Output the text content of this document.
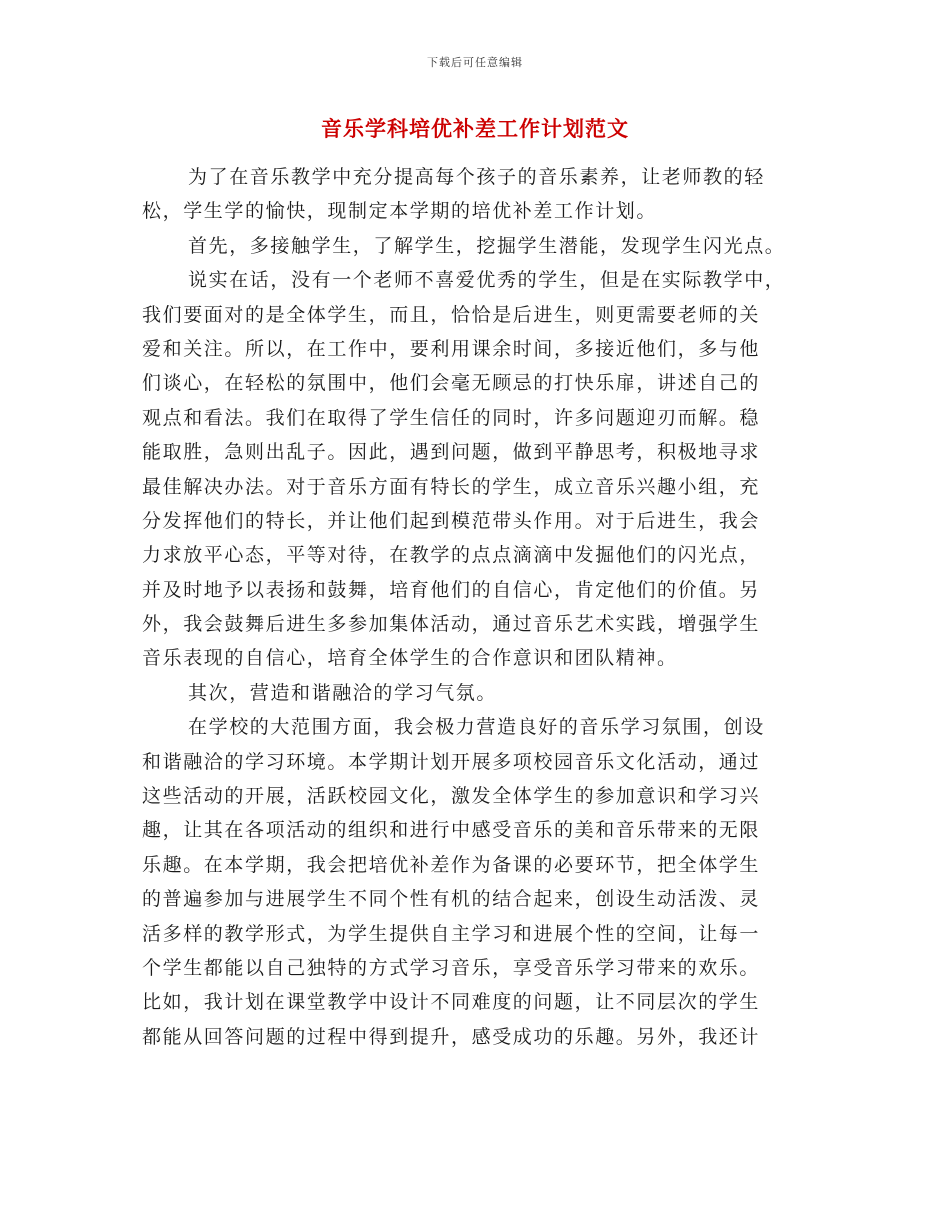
下载后可任意编辑
音乐学科培优补差工作计划范文
为了在音乐教学中充分提高每个孩子的音乐素养，让老师教的轻
松，学生学的愉快，现制定本学期的培优补差工作计划。
首先，多接触学生，了解学生，挖掘学生潜能，发现学生闪光点。
说实在话，没有一个老师不喜爱优秀的学生，但是在实际教学中，
我们要面对的是全体学生，而且，恰恰是后进生，则更需要老师的关
爱和关注。所以，在工作中，要利用课余时间，多接近他们，多与他
们谈心，在轻松的氛围中，他们会毫无顾忌的打快乐扉，讲述自己的
观点和看法。我们在取得了学生信任的同时，许多问题迎刃而解。稳
能取胜，急则出乱子。因此，遇到问题，做到平静思考，积极地寻求
最佳解决办法。对于音乐方面有特长的学生，成立音乐兴趣小组，充
分发挥他们的特长，并让他们起到模范带头作用。对于后进生，我会
力求放平心态，平等对待，在教学的点点滴滴中发掘他们的闪光点，
并及时地予以表扬和鼓舞，培育他们的自信心，肯定他们的价值。另
外，我会鼓舞后进生多参加集体活动，通过音乐艺术实践，增强学生
音乐表现的自信心，培育全体学生的合作意识和团队精神。
其次，营造和谐融洽的学习气氛。
在学校的大范围方面，我会极力营造良好的音乐学习氛围，创设
和谐融洽的学习环境。本学期计划开展多项校园音乐文化活动，通过
这些活动的开展，活跃校园文化，激发全体学生的参加意识和学习兴
趣，让其在各项活动的组织和进行中感受音乐的美和音乐带来的无限
乐趣。在本学期，我会把培优补差作为备课的必要环节，把全体学生
的普遍参加与进展学生不同个性有机的结合起来，创设生动活泼、灵
活多样的教学形式，为学生提供自主学习和进展个性的空间，让每一
个学生都能以自己独特的方式学习音乐，享受音乐学习带来的欢乐。
比如，我计划在课堂教学中设计不同难度的问题，让不同层次的学生
都能从回答问题的过程中得到提升，感受成功的乐趣。另外，我还计
